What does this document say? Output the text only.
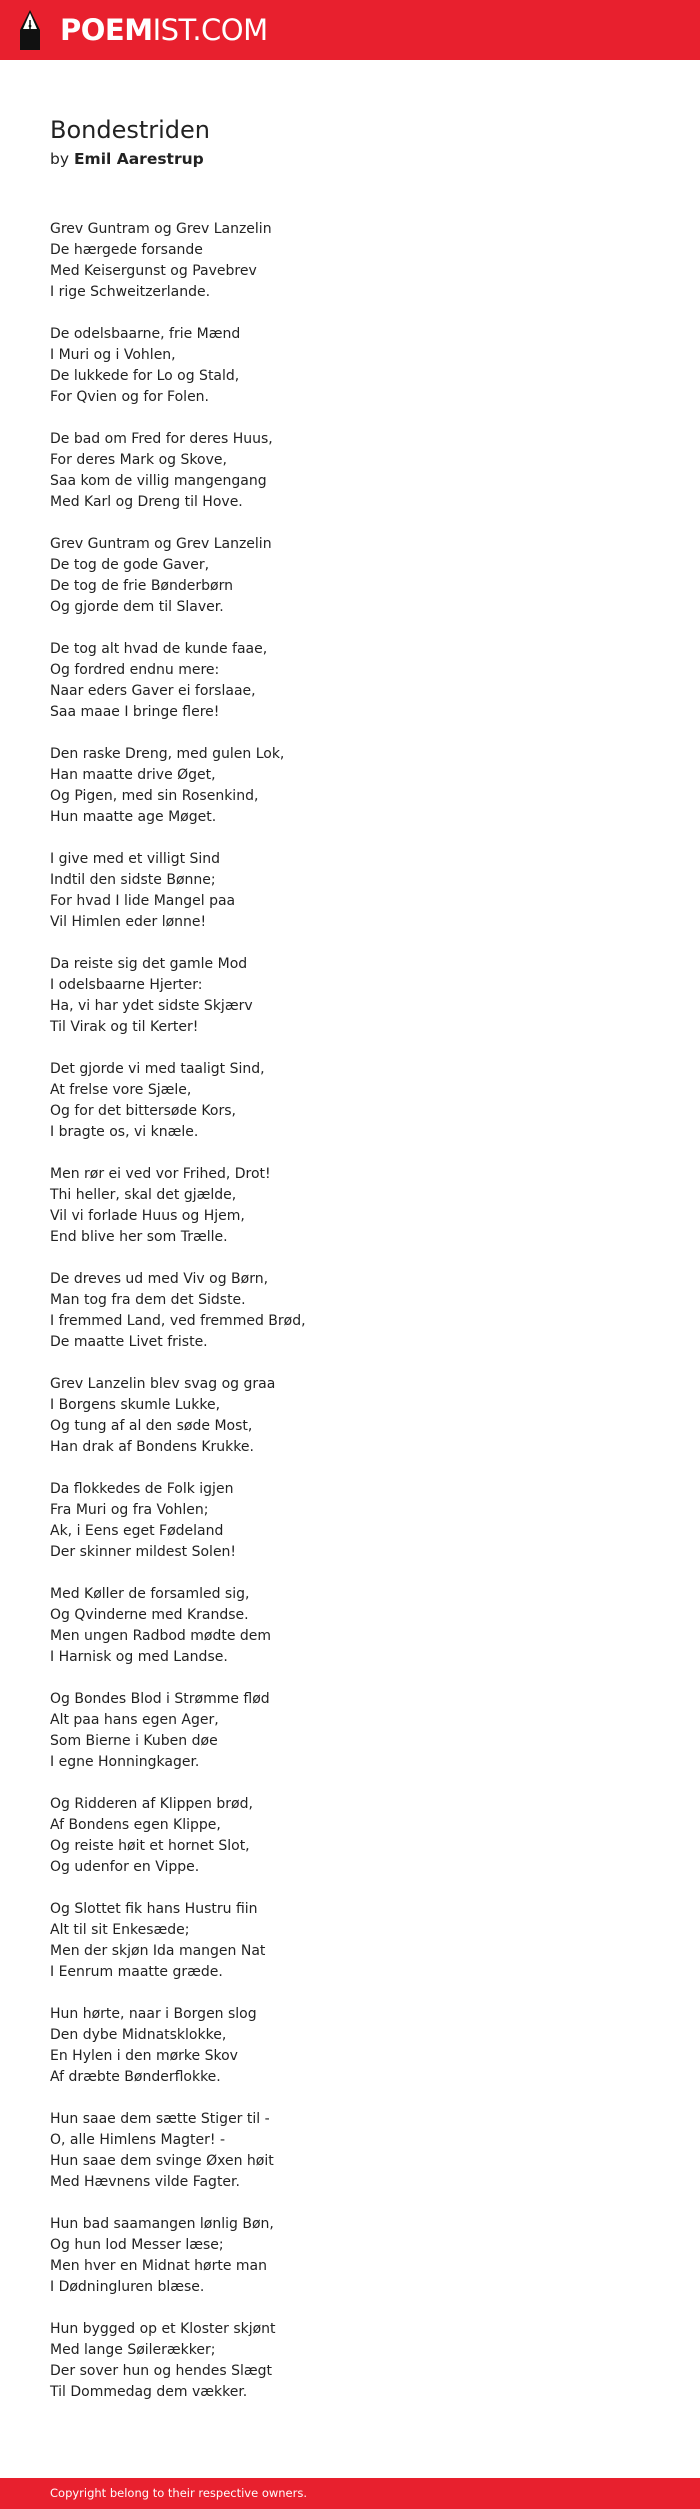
POEMIST.COM
Bondestriden
by Emil Aarestrup
Grev Guntram og Grev Lanzelin
De hærgede forsande
Med Keisergunst og Pavebrev
I rige Schweitzerlande.
De odelsbaarne, frie Mænd
I Muri og i Vohlen,
De lukkede for Lo og Stald,
For Qvien og for Folen.
De bad om Fred for deres Huus,
For deres Mark og Skove,
Saa kom de villig mangengang
Med Karl og Dreng til Hove.
Grev Guntram og Grev Lanzelin
De tog de gode Gaver,
De tog de frie Bønderbørn
Og gjorde dem til Slaver.
De tog alt hvad de kunde faae,
Og fordred endnu mere:
Naar eders Gaver ei forslaae,
Saa maae I bringe flere!
Den raske Dreng, med gulen Lok,
Han maatte drive Øget,
Og Pigen, med sin Rosenkind,
Hun maatte age Møget.
I give med et villigt Sind
Indtil den sidste Bønne;
For hvad I lide Mangel paa
Vil Himlen eder lønne!
Da reiste sig det gamle Mod
I odelsbaarne Hjerter:
Ha, vi har ydet sidste Skjærv
Til Virak og til Kerter!
Det gjorde vi med taaligt Sind,
At frelse vore Sjæle,
Og for det bittersøde Kors,
I bragte os, vi knæle.
Men rør ei ved vor Frihed, Drot!
Thi heller, skal det gjælde,
Vil vi forlade Huus og Hjem,
End blive her som Trælle.
De dreves ud med Viv og Børn,
Man tog fra dem det Sidste.
I fremmed Land, ved fremmed Brød,
De maatte Livet friste.
Grev Lanzelin blev svag og graa
I Borgens skumle Lukke,
Og tung af al den søde Most,
Han drak af Bondens Krukke.
Da flokkedes de Folk igjen
Fra Muri og fra Vohlen;
Ak, i Eens eget Fødeland
Der skinner mildest Solen!
Med Køller de forsamled sig,
Og Qvinderne med Krandse.
Men ungen Radbod mødte dem
I Harnisk og med Landse.
Og Bondes Blod i Strømme flød
Alt paa hans egen Ager,
Som Bierne i Kuben døe
I egne Honningkager.
Og Ridderen af Klippen brød,
Af Bondens egen Klippe,
Og reiste høit et hornet Slot,
Og udenfor en Vippe.
Og Slottet fik hans Hustru fiin
Alt til sit Enkesæde;
Men der skjøn Ida mangen Nat
I Eenrum maatte græde.
Hun hørte, naar i Borgen slog
Den dybe Midnatsklokke,
En Hylen i den mørke Skov
Af dræbte Bønderflokke.
Hun saae dem sætte Stiger til -
O, alle Himlens Magter! -
Hun saae dem svinge Øxen høit
Med Hævnens vilde Fagter.
Hun bad saamangen lønlig Bøn,
Og hun lod Messer læse;
Men hver en Midnat hørte man
I Dødningluren blæse.
Hun bygged op et Kloster skjønt
Med lange Søilerækker;
Der sover hun og hendes Slægt
Til Dommedag dem vækker.
Copyright belong to their respective owners.
